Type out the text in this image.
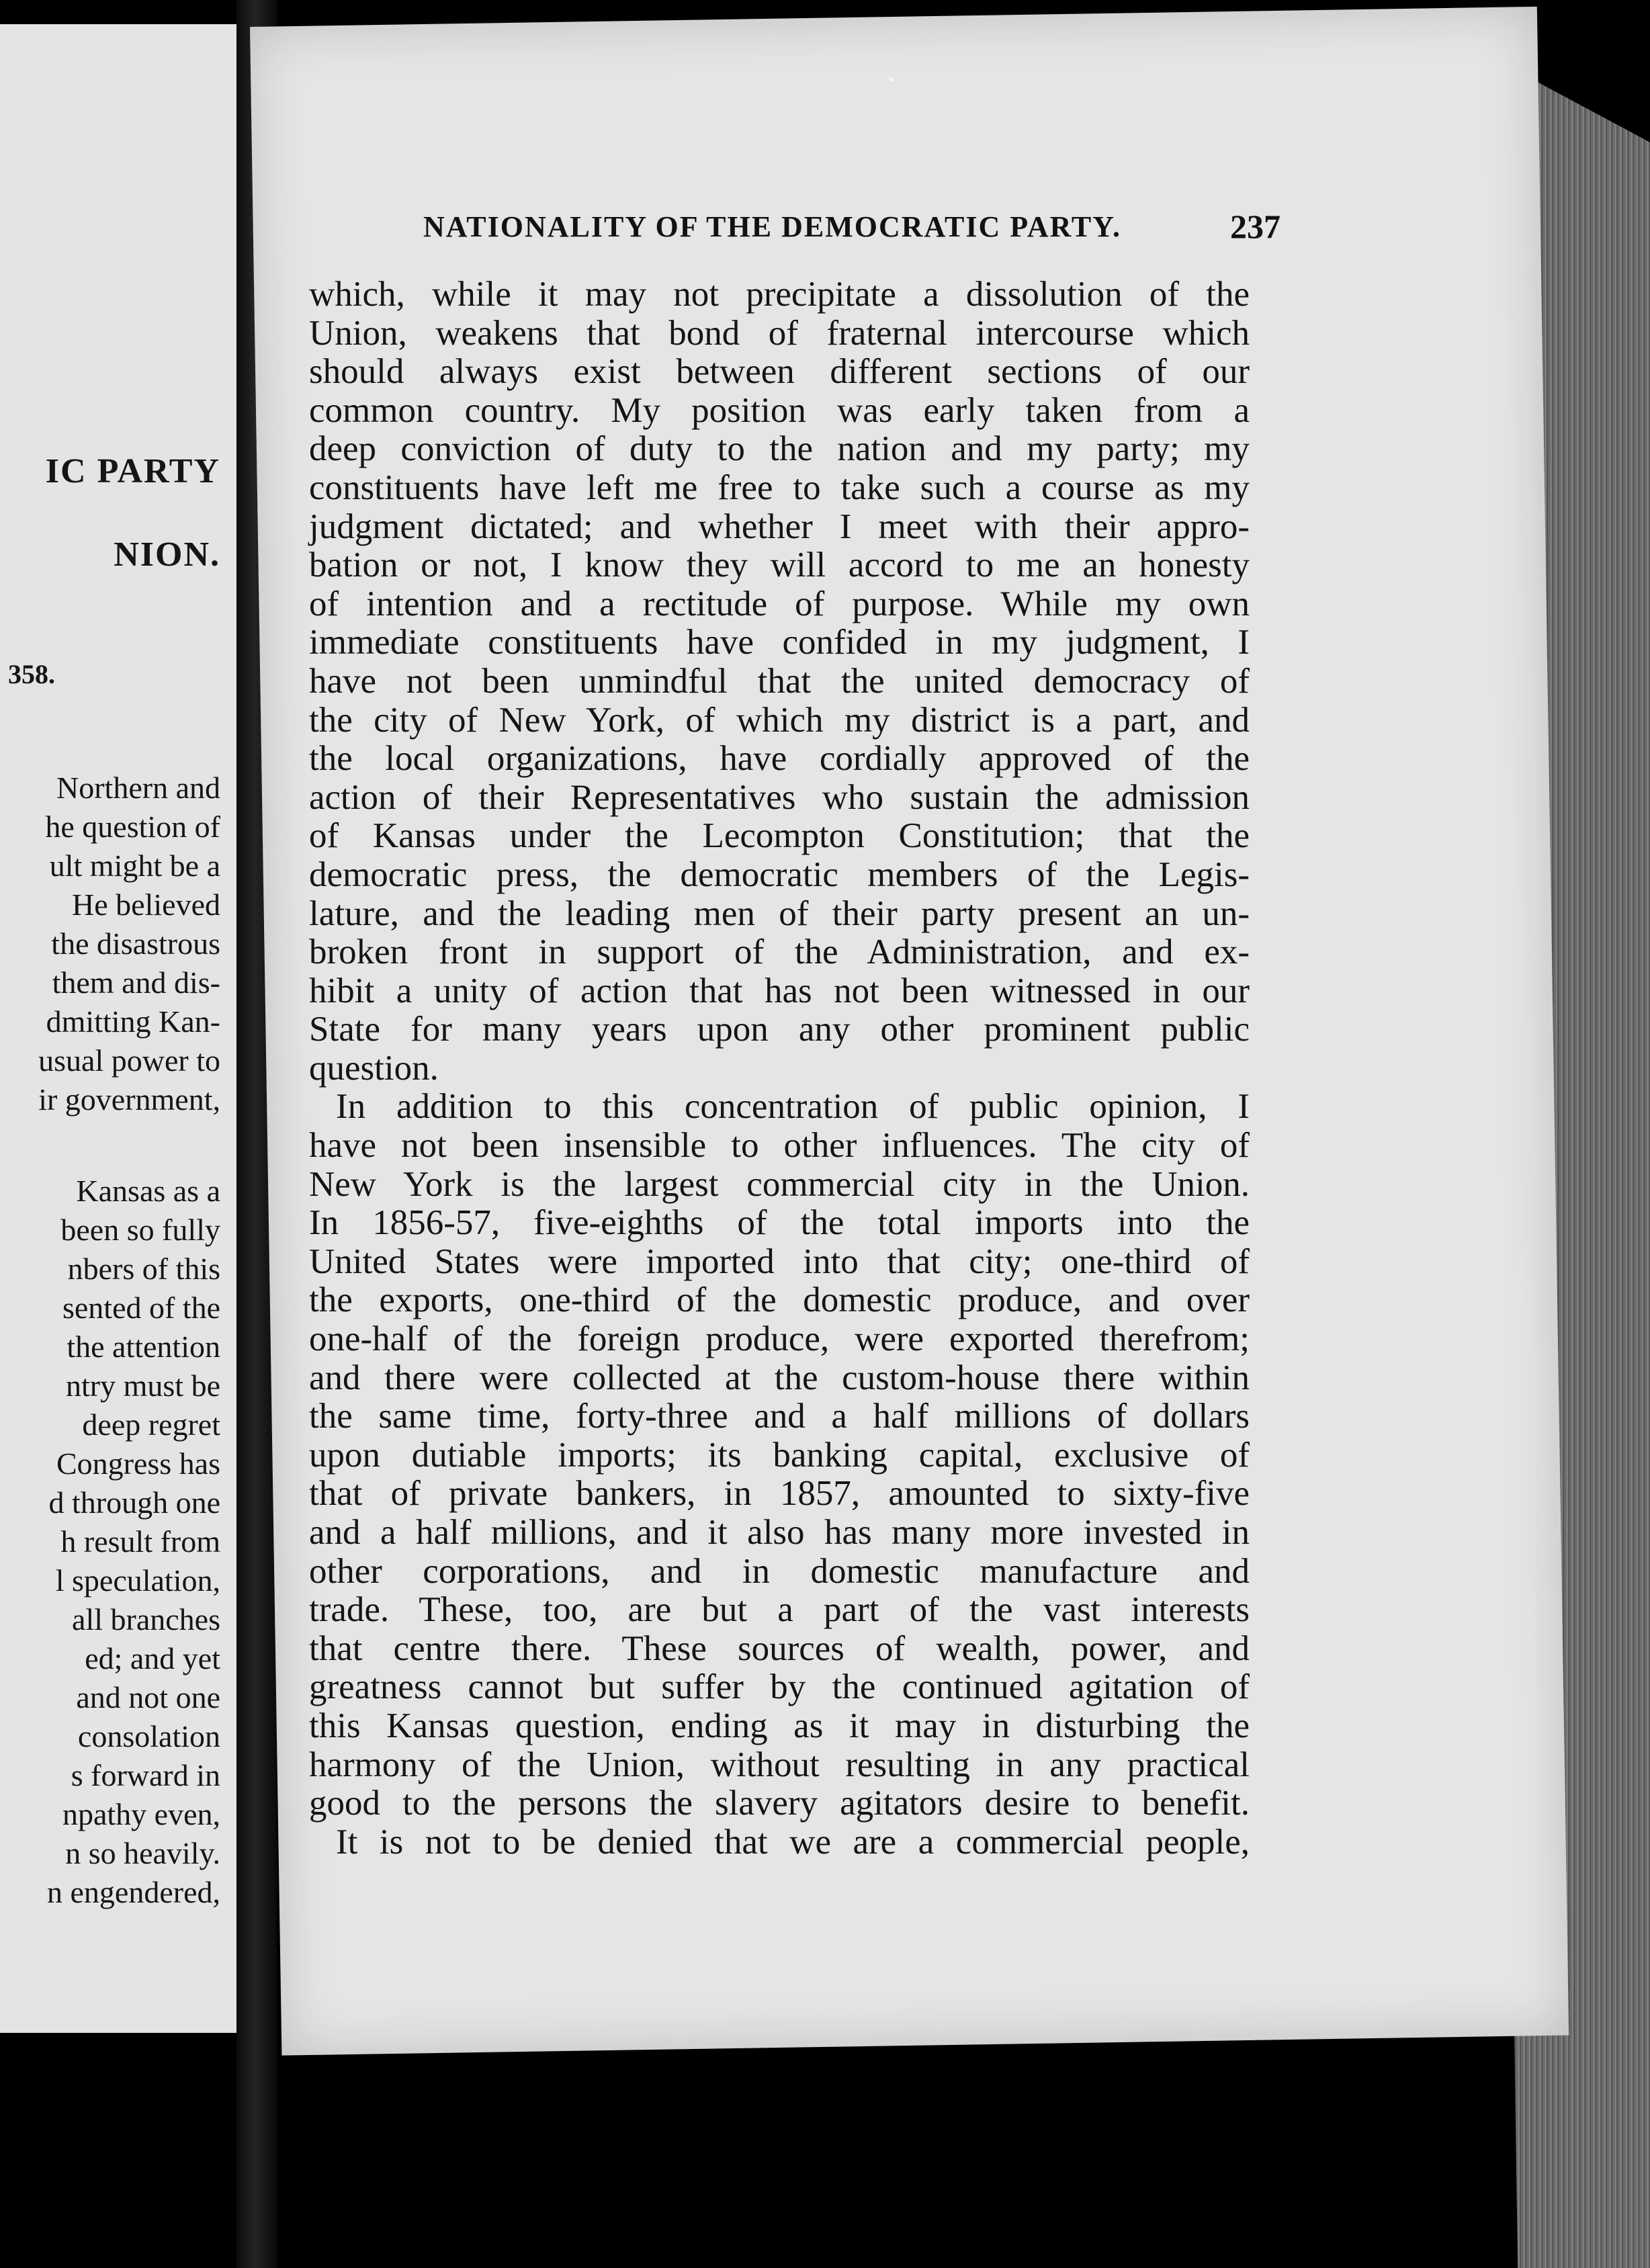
IC PARTY
NION.
358.
Northern and
he question of
ult might be a
He believed
the disastrous
them and dis-
dmitting Kan-
usual power to
ir government,
Kansas as a
been so fully
nbers of this
sented of the
the attention
ntry must be
deep regret
Congress has
d through one
h result from
l speculation,
all branches
ed; and yet
and not one
consolation
s forward in
npathy even,
n so heavily.
n engendered,
NATIONALITY OF THE DEMOCRATIC PARTY.	237
which, while it may not precipitate a dissolution of the
Union, weakens that bond of fraternal intercourse which
should always exist between different sections of our
common country. My position was early taken from a
deep conviction of duty to the nation and my party; my
constituents have left me free to take such a course as my
judgment dictated; and whether I meet with their appro-
bation or not, I know they will accord to me an honesty
of intention and a rectitude of purpose. While my own
immediate constituents have confided in my judgment, I
have not been unmindful that the united democracy of
the city of New York, of which my district is a part, and
the local organizations, have cordially approved of the
action of their Representatives who sustain the admission
of Kansas under the Lecompton Constitution; that the
democratic press, the democratic members of the Legis-
lature, and the leading men of their party present an un-
broken front in support of the Administration, and ex-
hibit a unity of action that has not been witnessed in our
State for many years upon any other prominent public
question.
In addition to this concentration of public opinion, I
have not been insensible to other influences. The city of
New York is the largest commercial city in the Union.
In 1856-57, five-eighths of the total imports into the
United States were imported into that city; one-third of
the exports, one-third of the domestic produce, and over
one-half of the foreign produce, were exported therefrom;
and there were collected at the custom-house there within
the same time, forty-three and a half millions of dollars
upon dutiable imports; its banking capital, exclusive of
that of private bankers, in 1857, amounted to sixty-five
and a half millions, and it also has many more invested in
other corporations, and in domestic manufacture and
trade. These, too, are but a part of the vast interests
that centre there. These sources of wealth, power, and
greatness cannot but suffer by the continued agitation of
this Kansas question, ending as it may in disturbing the
harmony of the Union, without resulting in any practical
good to the persons the slavery agitators desire to benefit.
It is not to be denied that we are a commercial people,
